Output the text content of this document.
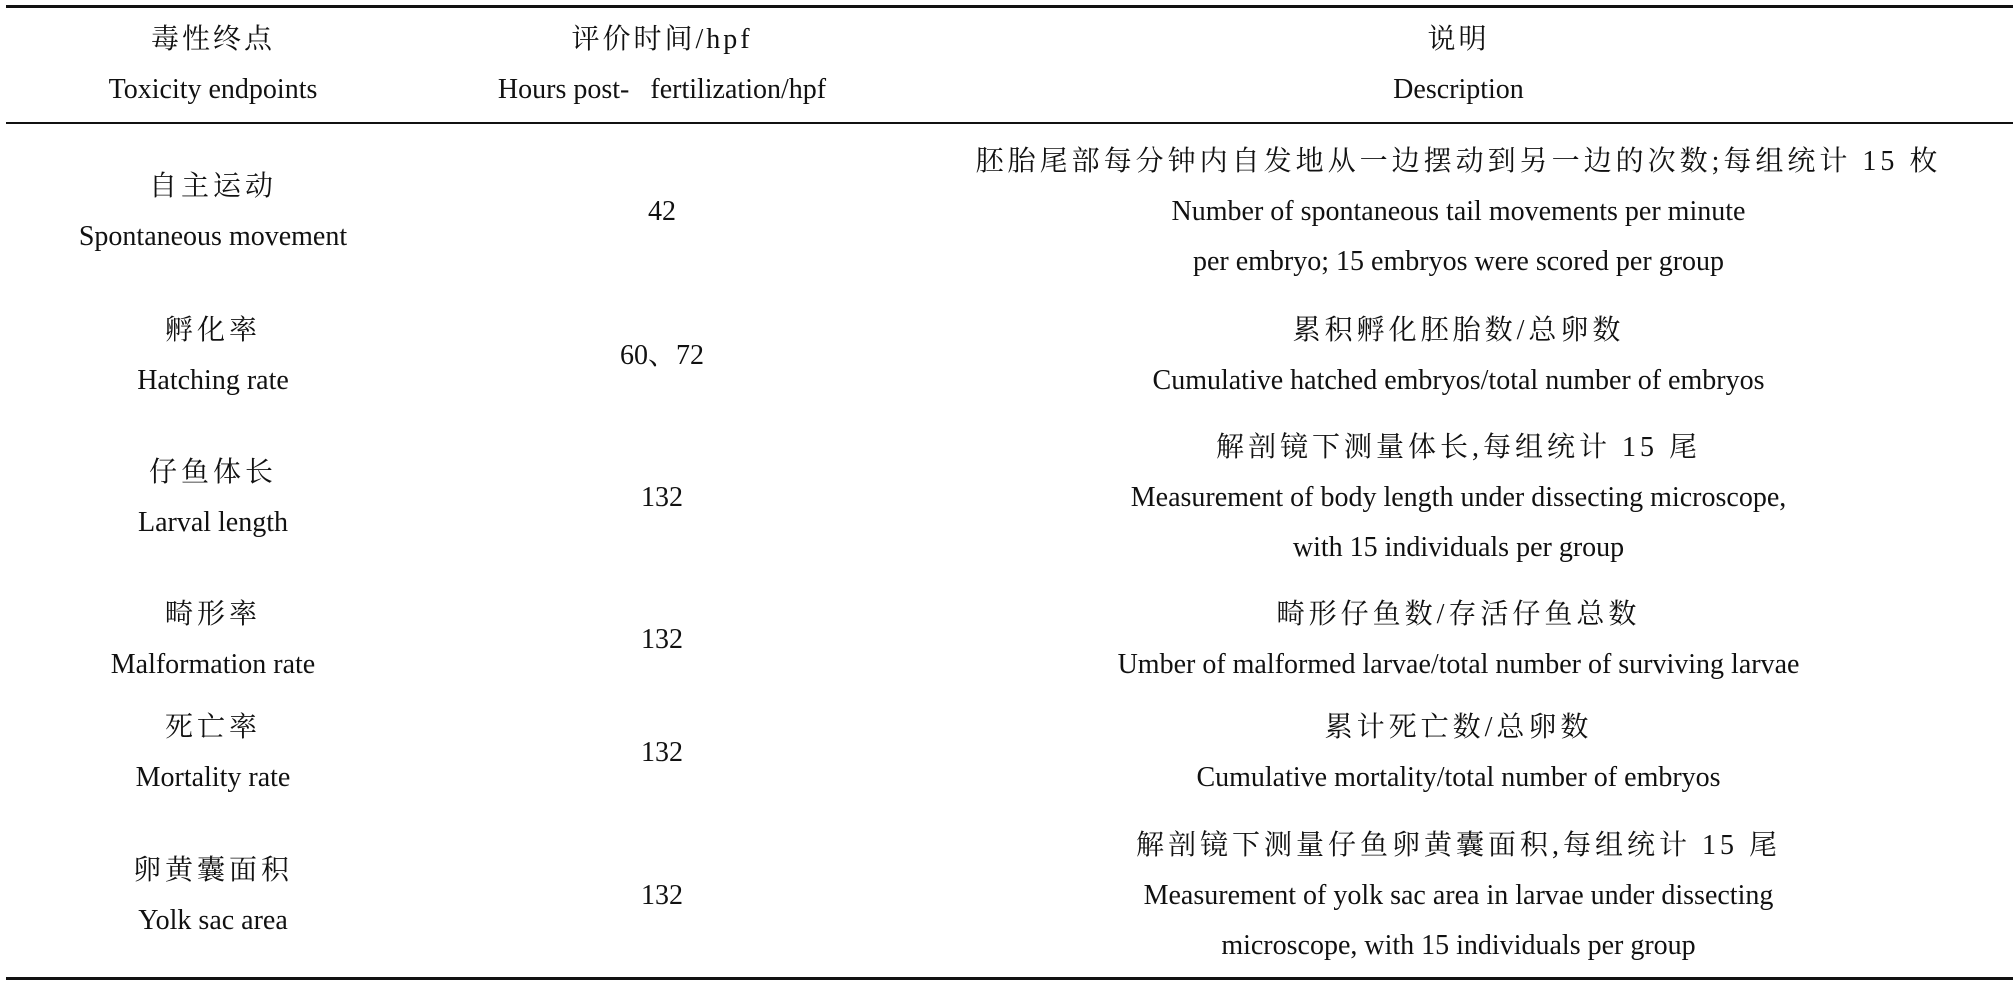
毒性终点
Toxicity endpoints
评价时间/hpf
Hours post-   fertilization/hpf
说明
Description
自主运动
Spontaneous movement
42
胚胎尾部每分钟内自发地从一边摆动到另一边的次数;每组统计 15 枚
Number of spontaneous tail movements per minute
per embryo; 15 embryos were scored per group
孵化率
Hatching rate
60、72
累积孵化胚胎数/总卵数
Cumulative hatched embryos/total number of embryos
仔鱼体长
Larval length
132
解剖镜下测量体长,每组统计 15 尾
Measurement of body length under dissecting microscope,
with 15 individuals per group
畸形率
Malformation rate
132
畸形仔鱼数/存活仔鱼总数
Umber of malformed larvae/total number of surviving larvae
死亡率
Mortality rate
132
累计死亡数/总卵数
Cumulative mortality/total number of embryos
卵黄囊面积
Yolk sac area
132
解剖镜下测量仔鱼卵黄囊面积,每组统计 15 尾
Measurement of yolk sac area in larvae under dissecting
microscope, with 15 individuals per group
